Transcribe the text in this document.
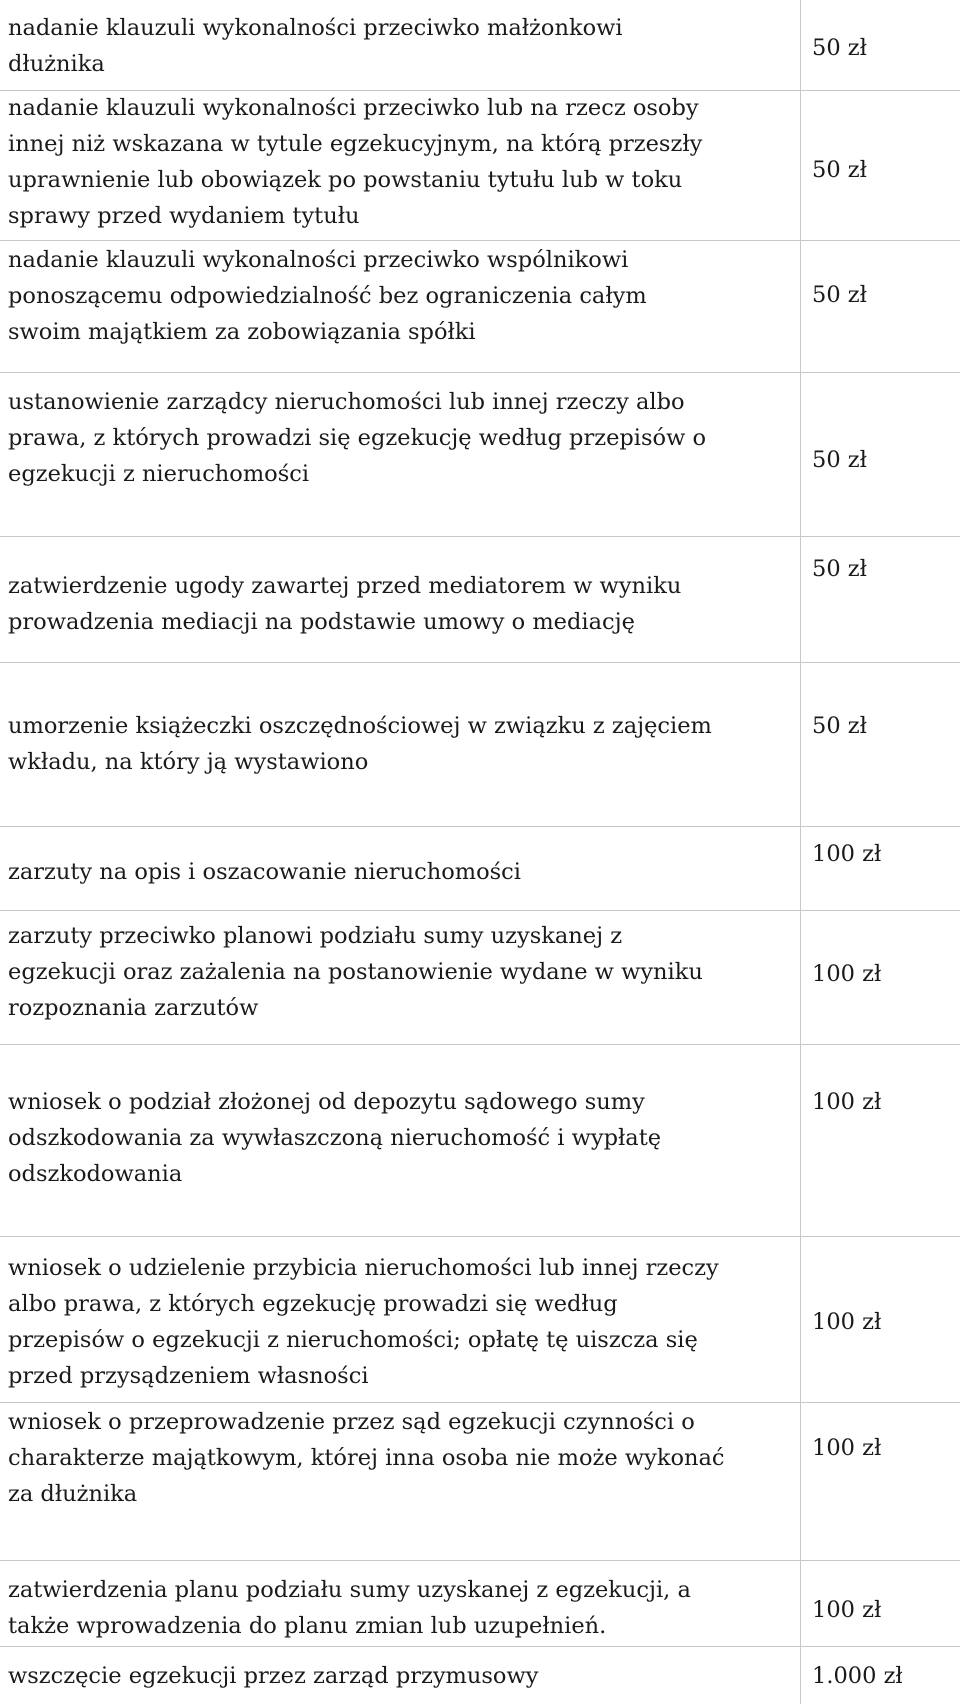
nadanie klauzuli wykonalności przeciwko małżonkowi
dłużnika
50 zł
nadanie klauzuli wykonalności przeciwko lub na rzecz osoby
innej niż wskazana w tytule egzekucyjnym, na którą przeszły
uprawnienie lub obowiązek po powstaniu tytułu lub w toku
sprawy przed wydaniem tytułu
50 zł
nadanie klauzuli wykonalności przeciwko wspólnikowi
ponoszącemu odpowiedzialność bez ograniczenia całym
swoim majątkiem za zobowiązania spółki
50 zł
ustanowienie zarządcy nieruchomości lub innej rzeczy albo
prawa, z których prowadzi się egzekucję według przepisów o
egzekucji z nieruchomości
50 zł
zatwierdzenie ugody zawartej przed mediatorem w wyniku
prowadzenia mediacji na podstawie umowy o mediację
50 zł
umorzenie książeczki oszczędnościowej w związku z zajęciem
wkładu, na który ją wystawiono
50 zł
zarzuty na opis i oszacowanie nieruchomości
100 zł
zarzuty przeciwko planowi podziału sumy uzyskanej z
egzekucji oraz zażalenia na postanowienie wydane w wyniku
rozpoznania zarzutów
100 zł
wniosek o podział złożonej od depozytu sądowego sumy
odszkodowania za wywłaszczoną nieruchomość i wypłatę
odszkodowania
100 zł
wniosek o udzielenie przybicia nieruchomości lub innej rzeczy
albo prawa, z których egzekucję prowadzi się według
przepisów o egzekucji z nieruchomości; opłatę tę uiszcza się
przed przysądzeniem własności
100 zł
wniosek o przeprowadzenie przez sąd egzekucji czynności o
charakterze majątkowym, której inna osoba nie może wykonać
za dłużnika
100 zł
zatwierdzenia planu podziału sumy uzyskanej z egzekucji, a
także wprowadzenia do planu zmian lub uzupełnień.
100 zł
wszczęcie egzekucji przez zarząd przymusowy	1.000 zł
